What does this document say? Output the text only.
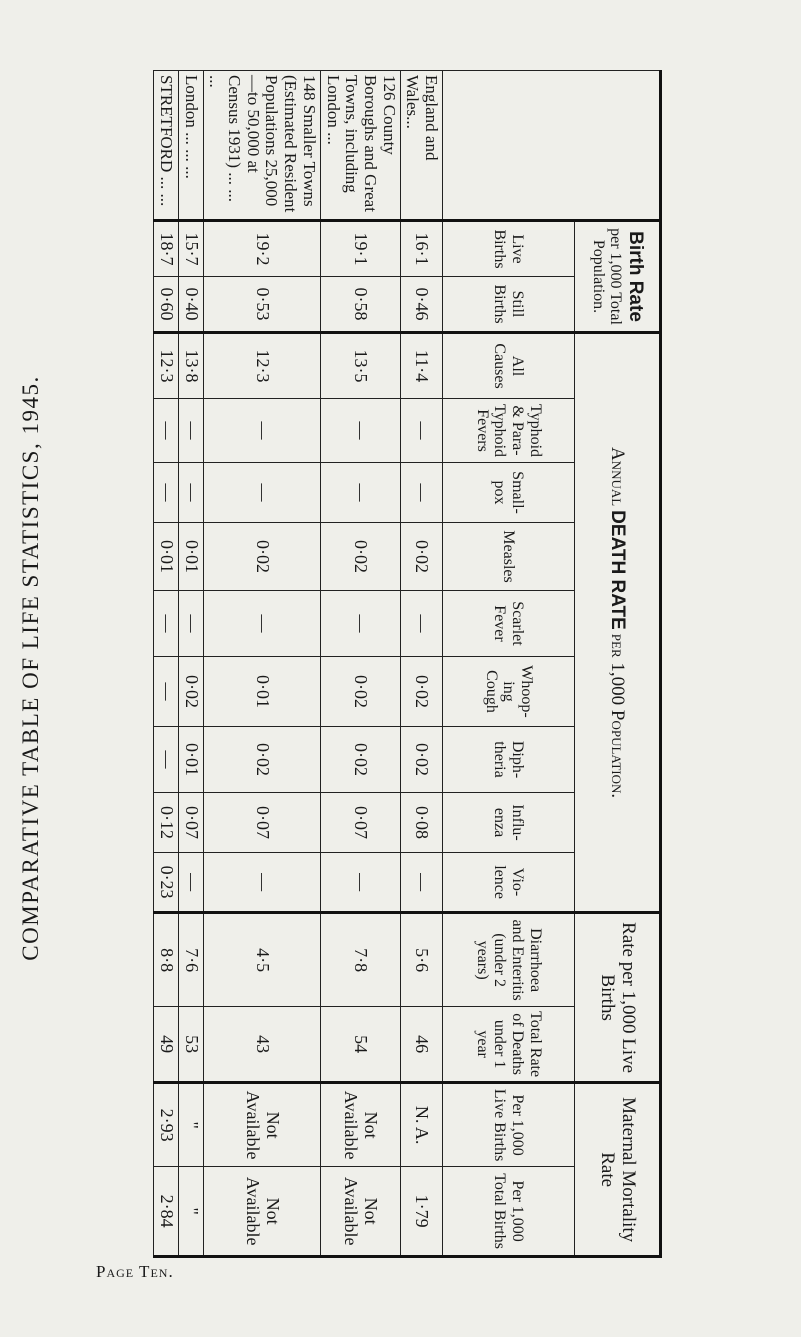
COMPARATIVE TABLE OF LIFE STATISTICS, 1945.
	Birth Rate per 1,000 Total Population.		Annual DEATH RATE per 1,000 Population.									Rate per 1,000 Live Births		Maternal Mortality Rate	
	Live Births	Still Births	All Causes	Typhoid & Para-Typhoid Fevers	Small-pox	Measles	Scarlet Fever	Whoop-ing Cough	Diph-theria	Influ-enza	Vio-lence	Diarrhoea and Enteritis (under 2 years)	Total Rate of Deaths under 1 year	Per 1,000 Live Births	Per 1,000 Total Births
England and Wales...	16·1	0·46	11·4	—	—	0·02	—	0·02	0·02	0·08	—	5·6	46	N. A.	1·79
126 County Boroughs and Great Towns, including London ...	19·1	0·58	13·5	—	—	0·02	—	0·02	0·02	0·07	—	7·8	54	Not Available	Not Available
148 Smaller Towns (Estimated Resident Populations 25,000—to 50,000 at Census 1931) ... ... ...	19·2	0·53	12·3	—	—	0·02	—	0·01	0·02	0·07	—	4·5	43	Not Available	Not Available
London ... ... ...	15·7	0·40	13·8	—	—	0·01	—	0·02	0·01	0·07	—	7·6	53	"	"
STRETFORD ... ...	18·7	0·60	12·3	—	—	0·01	—	—	—	0·12	0·23	8·8	49	2·93	2·84
Page Ten.
